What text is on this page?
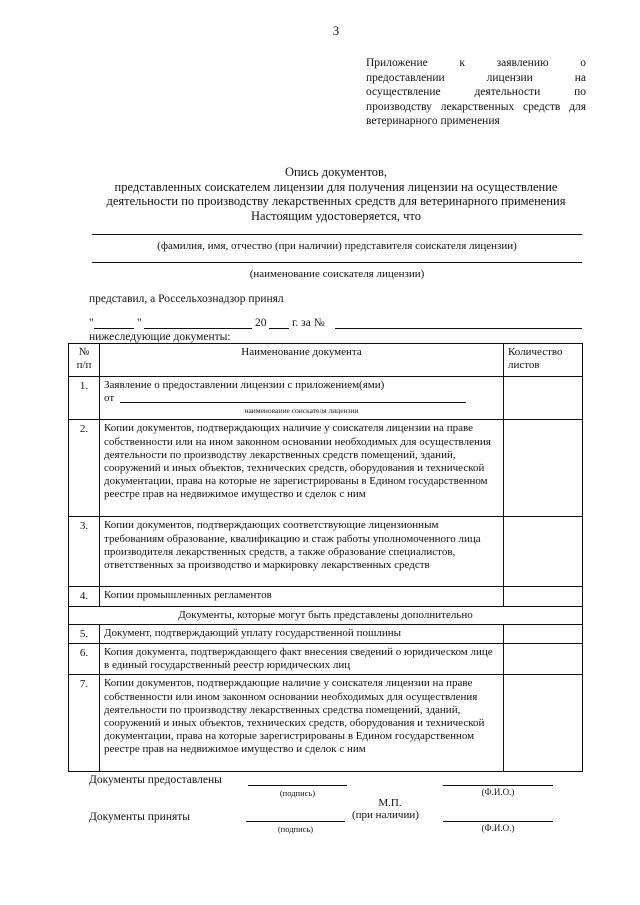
3
Приложение к заявлению о
предоставлении лицензии на
осуществление деятельности по
производству лекарственных средств для
ветеринарного применения
Опись документов,
представленных соискателем лицензии для получения лицензии на осуществление
деятельности по производству лекарственных средств для ветеринарного применения
Настоящим удостоверяется, что
(фамилия, имя, отчество (при наличии) представителя соискателя лицензии)
(наименование соискателя лицензии)
представил, а Россельхознадзор принял
"	"	20 г. за №
нижеследующие документы:
№ п/п	Наименование документа	Количество листов
1.	Заявление о предоставлении лицензии с приложением(ями)
от
наименование соискателя лицензии	

2.	Копии документов, подтверждающих наличие у соискателя лицензии на праве собственности или на ином законном основании необходимых для осуществления деятельности по производству лекарственных средств помещений, зданий, сооружений и иных объектов, технических средств, оборудования и технической документации, права на которые не зарегистрированы в Едином государственном реестре прав на недвижимое имущество и сделок с ним	
3.	Копии документов, подтверждающих соответствующие лицензионным требованиям образование, квалификацию и стаж работы уполномоченного лица производителя лекарственных средств, а также образование специалистов, ответственных за производство и маркировку лекарственных средств	
4.	Копии промышленных регламентов	
Документы, которые могут быть представлены дополнительно		
5.	Документ, подтверждающий уплату государственной пошлины	
6.	Копия документа, подтверждающего факт внесения сведений о юридическом лице в единый государственный реестр юридических лиц	
7.	Копии документов, подтверждающие наличие у соискателя лицензии на праве собственности или ином законном основании необходимых для осуществления деятельности по производству лекарственных средства помещений, зданий, сооружений и иных объектов, технических средств, оборудования и технической документации, права на которые зарегистрированы в Едином государственном реестре прав на недвижимое имущество и сделок с ним	
Документы предоставлены
(подпись)	(Ф.И.О.)
М.П.
(при наличии)
Документы приняты
(подпись)	(Ф.И.О.)
